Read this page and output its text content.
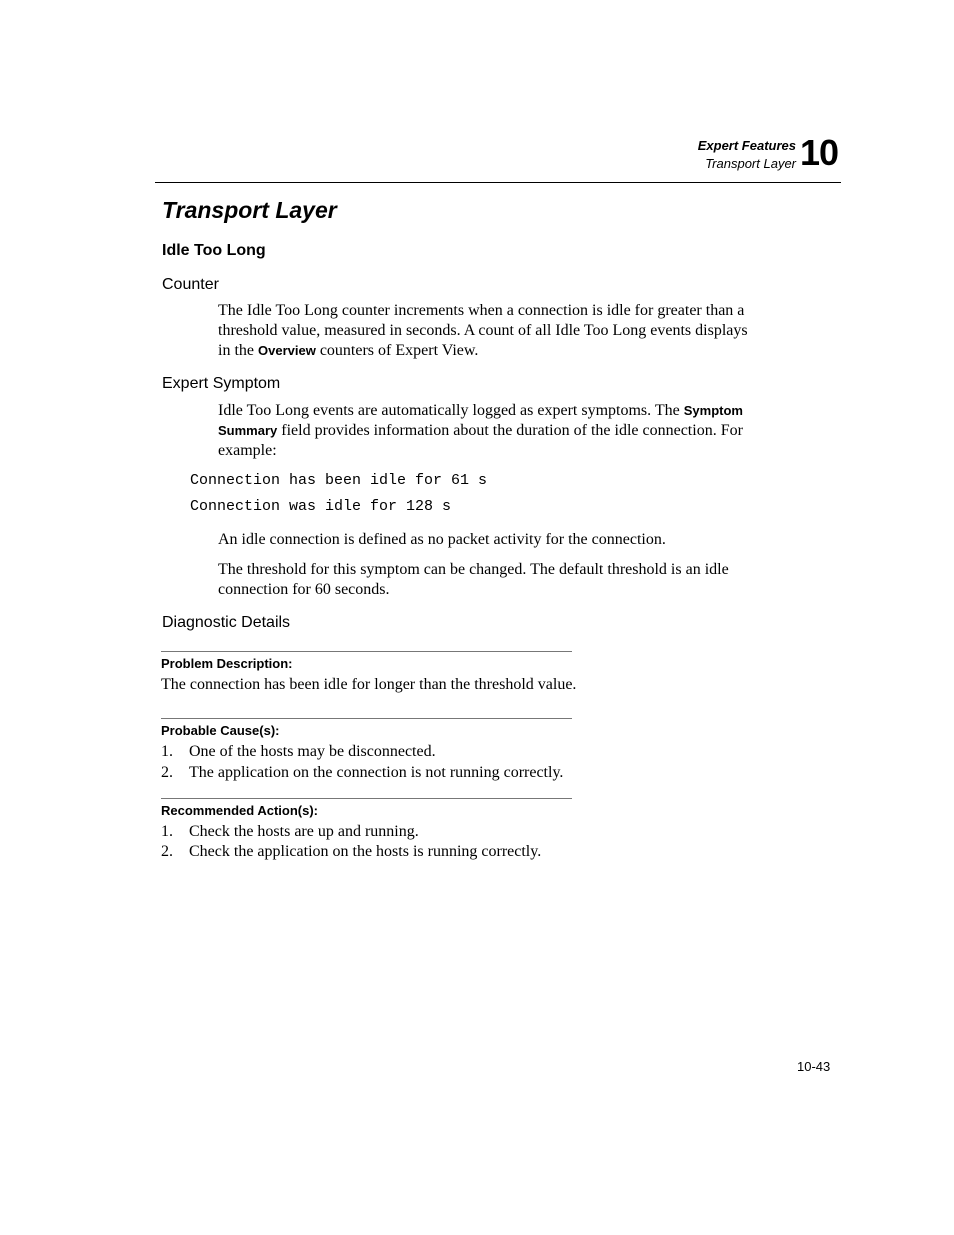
Expert Features
Transport Layer 10
Transport Layer
Idle Too Long
Counter
The Idle Too Long counter increments when a connection is idle for greater than a
threshold value, measured in seconds. A count of all Idle Too Long events displays
in the Overview counters of Expert View.
Expert Symptom
Idle Too Long events are automatically logged as expert symptoms. The Symptom
Summary field provides information about the duration of the idle connection. For
example:
Connection has been idle for 61 s
Connection was idle for 128 s
An idle connection is defined as no packet activity for the connection.
The threshold for this symptom can be changed. The default threshold is an idle
connection for 60 seconds.
Diagnostic Details
Problem Description:
The connection has been idle for longer than the threshold value.
Probable Cause(s):
1. One of the hosts may be disconnected.
2. The application on the connection is not running correctly.
Recommended Action(s):
1. Check the hosts are up and running.
2. Check the application on the hosts is running correctly.
10-43
